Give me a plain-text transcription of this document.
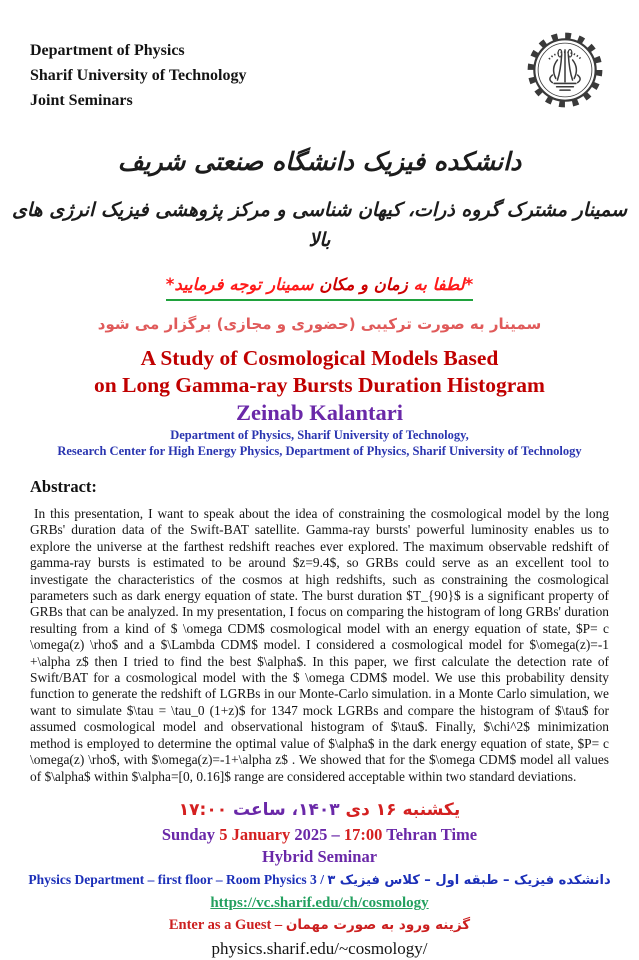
Department of Physics
Sharif University of Technology
Joint Seminars
دانشکده فیزیک دانشگاه صنعتی شریف
سمینار مشترک گروه ذرات، کیهان شناسی و مرکز پژوهشی فیزیک انرژی های بالا
*لطفا به زمان و مکان سمینار توجه فرمایید*
سمینار به صورت ترکیبی (حضوری و مجازی) برگزار می شود
A Study of Cosmological Models Based
on Long Gamma-ray Bursts Duration Histogram
Zeinab Kalantari
Department of Physics, Sharif University of Technology,
Research Center for High Energy Physics, Department of Physics, Sharif University of Technology
Abstract:
In this presentation, I want to speak about the idea of constraining the cosmological model by the long GRBs' duration data of the Swift-BAT satellite. Gamma-ray bursts' powerful luminosity enables us to explore the universe at the farthest redshift reaches ever explored. The maximum observable redshift of gamma-ray bursts is estimated to be around $z=9.4$, so GRBs could serve as an excellent tool to investigate the characteristics of the cosmos at high redshifts, such as constraining the cosmological parameters such as dark energy equation of state. The burst duration $T_{90}$ is a significant property of GRBs that can be analyzed. In my presentation, I focus on comparing the histogram of long GRBs' duration resulting from a kind of $ \omega CDM$ cosmological model with an energy equation of state, $P= c \omega(z) \rho$ and a $\Lambda CDM$ model. I considered a cosmological model for $\omega(z)=-1 +\alpha z$ then I tried to find the best $\alpha$. In this paper, we first calculate the detection rate of Swift/BAT for a cosmological model with the $ \omega CDM$ model. We use this probability density function to generate the redshift of LGRBs in our Monte-Carlo simulation. in a Monte Carlo simulation, we want to simulate $\tau = \tau_0 (1+z)$ for 1347 mock LGRBs and compare the histogram of $\tau$ for assumed cosmological model and observational histogram of $\tau$. Finally, $\chi^2$ minimization method is employed to determine the optimal value of $\alpha$ in the dark energy equation of state, $P= c \omega(z) \rho$, with $\omega(z)=-1+\alpha z$ . We showed that for the $\omega CDM$ model all values of $\alpha$ within $\alpha=[0, 0.16]$ range are considered acceptable within two standard deviations.
یکشنبه ۱۶ دی ۱۴۰۳، ساعت ۱۷:۰۰
Sunday 5 January 2025 – 17:00 Tehran Time
Hybrid Seminar
Physics Department – first floor – Room Physics 3 / دانشکده فیزیک – طبقه اول – کلاس فیزیک ۳
https://vc.sharif.edu/ch/cosmology
Enter as a Guest – گزینه ورود به صورت مهمان
physics.sharif.edu/~cosmology/
